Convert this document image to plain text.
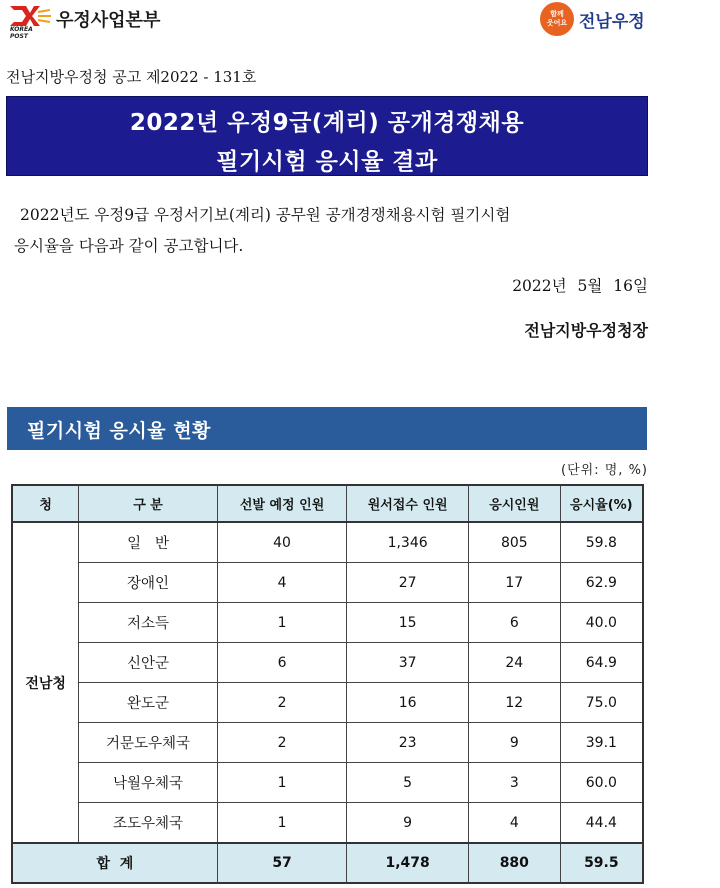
KOREA POST
우정사업본부	함께
웃어요 전남우정
전남지방우정청 공고 제2022 - 131호
2022년 우정9급(계리) 공개경쟁채용
필기시험 응시율 결과
2022년도 우정9급 우정서기보(계리) 공무원 공개경쟁채용시험 필기시험
응시율을 다음과 같이 공고합니다.
2022년 5월 16일
전남지방우정청장
필기시험 응시율 현황
(단위: 명, %)
청	구 분	선발 예정 인원	원서접수 인원	응시인원	응시율(%)
전남청	일   반	40	1,346	805	59.8
	장애인	4	27	17	62.9
	저소득	1	15	6	40.0
	신안군	6	37	24	64.9
	완도군	2	16	12	75.0
	거문도우체국	2	23	9	39.1
	낙월우체국	1	5	3	60.0
	조도우체국	1	9	4	44.4
합  계		57	1,478	880	59.5
